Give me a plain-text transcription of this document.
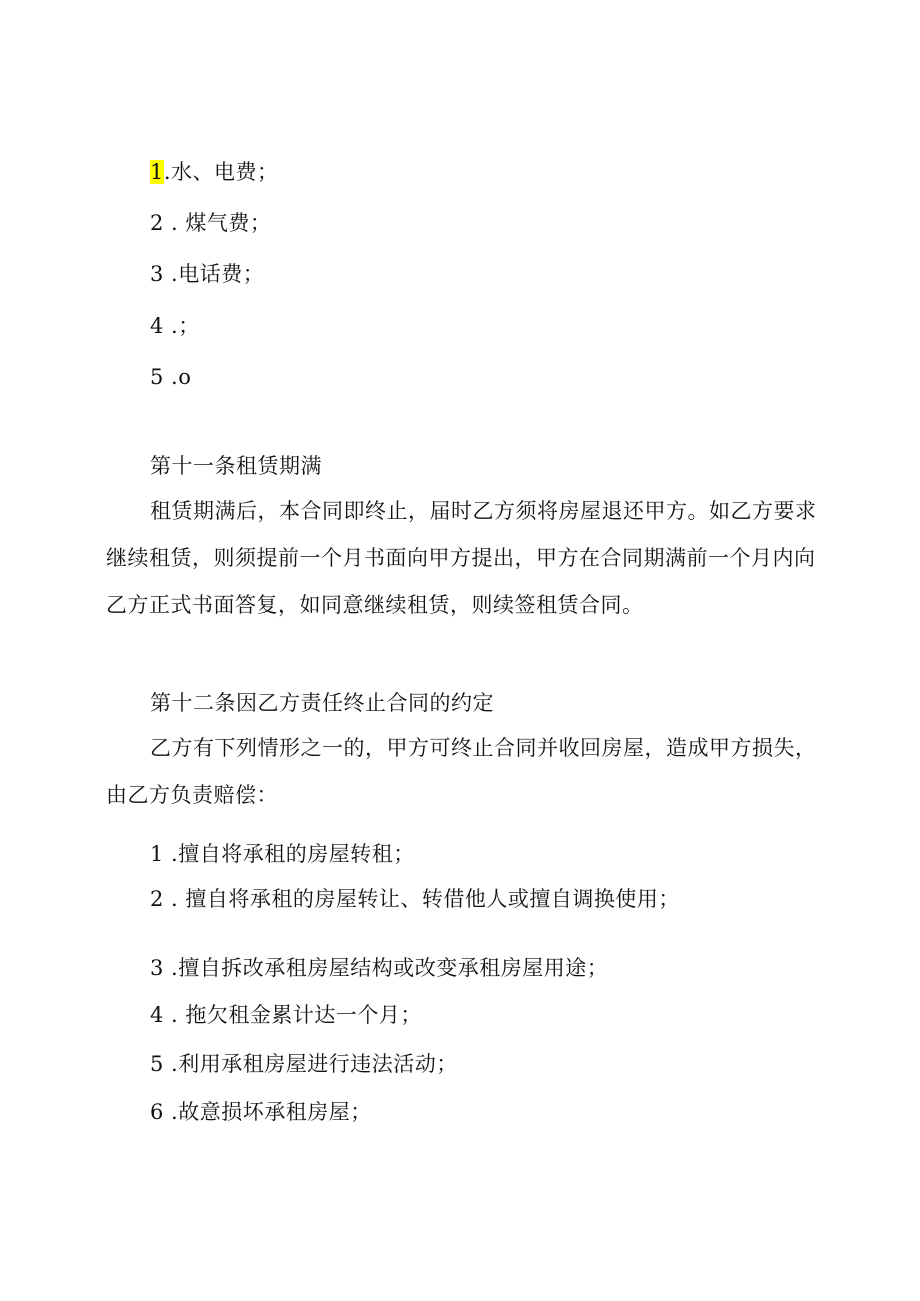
1.水、电费；
2 . 煤气费；
3 .电话费；
4 .；
5 .o
第十一条租赁期满
租赁期满后，本合同即终止，届时乙方须将房屋退还甲方。如乙方要求继续租赁，则须提前一个月书面向甲方提出，甲方在合同期满前一个月内向乙方正式书面答复，如同意继续租赁，则续签租赁合同。
第十二条因乙方责任终止合同的约定
乙方有下列情形之一的，甲方可终止合同并收回房屋，造成甲方损失，由乙方负责赔偿：
1 .擅自将承租的房屋转租；
2 . 擅自将承租的房屋转让、转借他人或擅自调换使用；
3 .擅自拆改承租房屋结构或改变承租房屋用途；
4 . 拖欠租金累计达一个月；
5 .利用承租房屋进行违法活动；
6 .故意损坏承租房屋；
